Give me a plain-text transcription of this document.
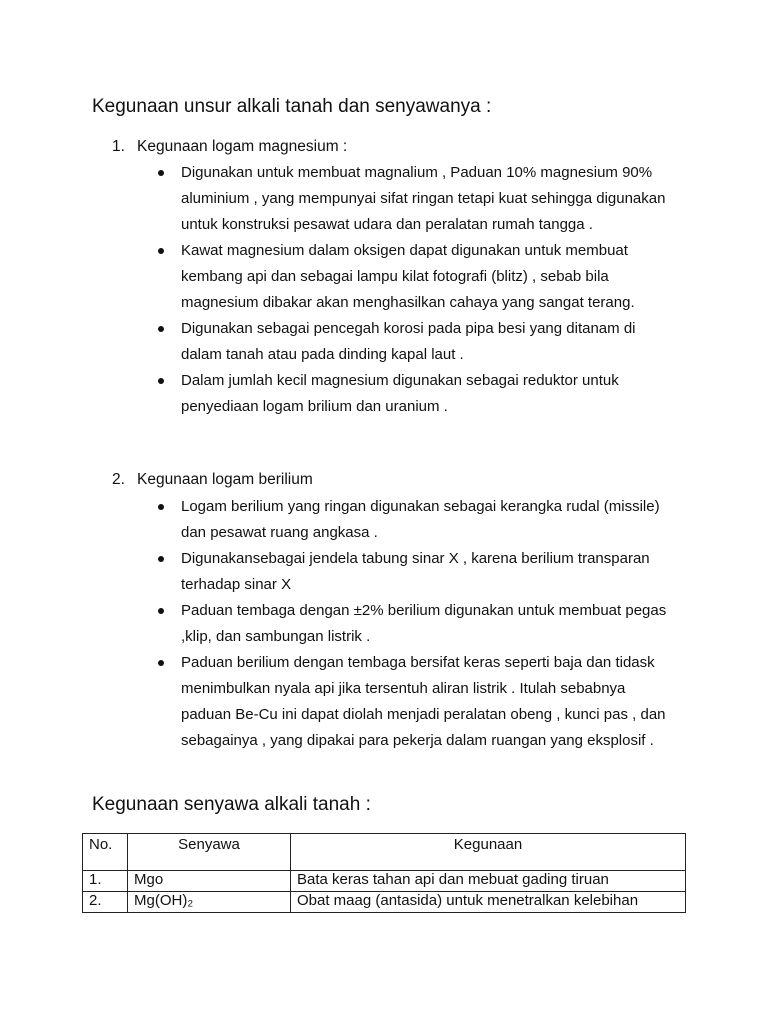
Kegunaan unsur alkali tanah dan senyawanya :
1. Kegunaan logam magnesium :
Digunakan untuk membuat magnalium , Paduan 10% magnesium 90% aluminium , yang mempunyai sifat ringan tetapi kuat sehingga digunakan untuk konstruksi pesawat udara dan peralatan rumah tangga .
Kawat magnesium dalam oksigen dapat digunakan untuk membuat kembang api dan sebagai lampu kilat fotografi (blitz) , sebab bila magnesium dibakar akan menghasilkan cahaya yang sangat terang.
Digunakan sebagai pencegah korosi pada pipa besi yang ditanam di dalam tanah atau pada dinding kapal laut .
Dalam jumlah kecil magnesium digunakan sebagai reduktor untuk penyediaan logam brilium dan uranium .
2. Kegunaan logam berilium
Logam berilium yang ringan digunakan sebagai kerangka rudal (missile) dan pesawat ruang angkasa .
Digunakansebagai jendela tabung sinar X , karena berilium transparan terhadap sinar X
Paduan tembaga dengan ±2% berilium digunakan untuk membuat pegas ,klip, dan sambungan listrik .
Paduan berilium dengan tembaga bersifat keras seperti baja dan tidask menimbulkan nyala api jika tersentuh aliran listrik . Itulah sebabnya paduan Be-Cu ini dapat diolah menjadi peralatan obeng , kunci pas , dan sebagainya , yang dipakai para pekerja dalam ruangan yang eksplosif .
Kegunaan senyawa alkali tanah :
No.	Senyawa	Kegunaan
1.	Mgo	Bata keras tahan api dan mebuat gading tiruan
2.	Mg(OH)₂	Obat maag (antasida) untuk menetralkan kelebihan
